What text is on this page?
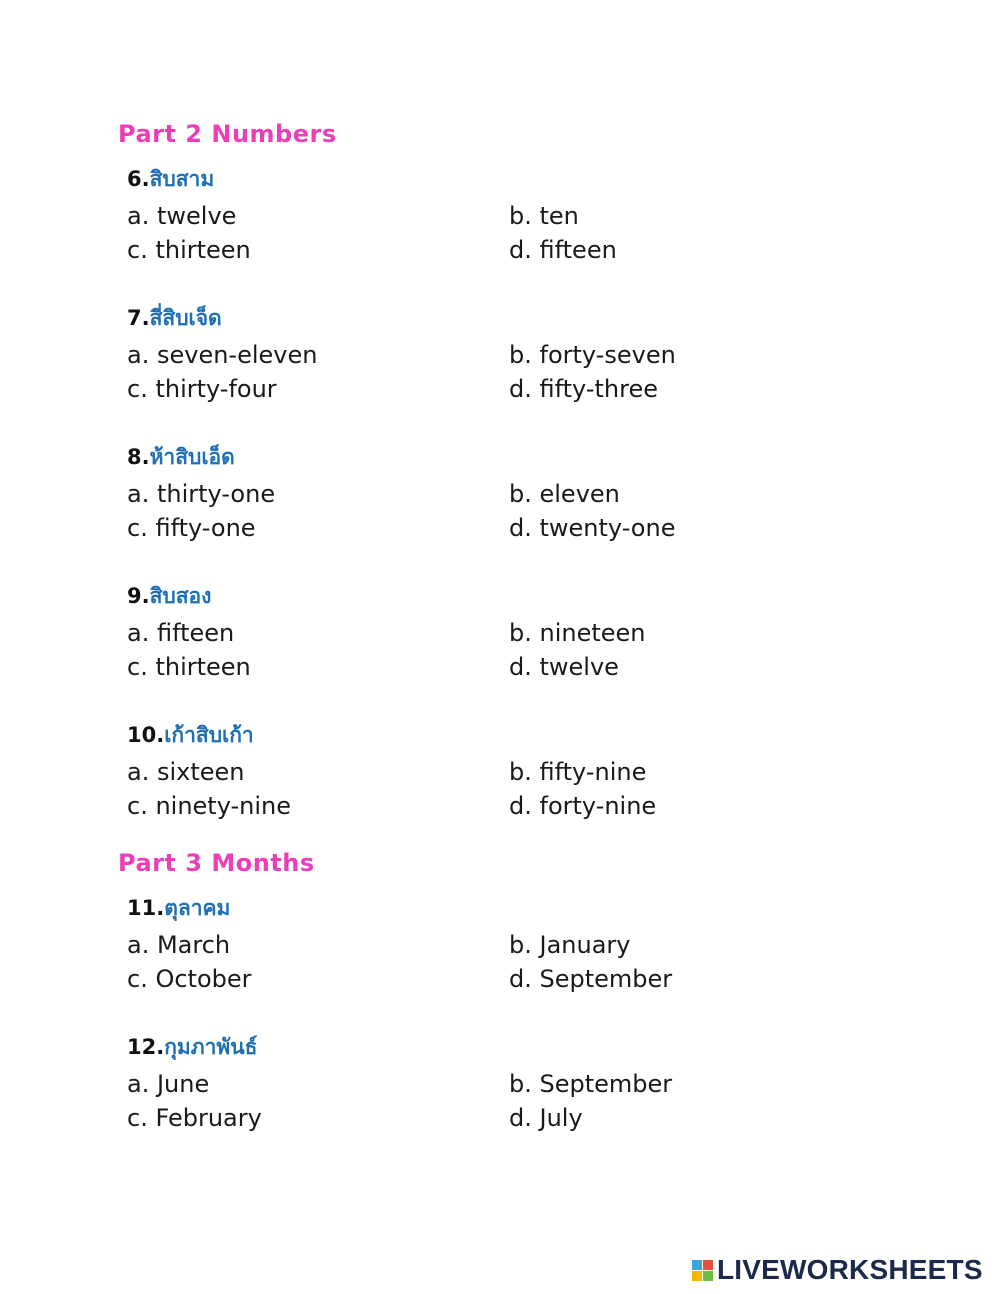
Part 2 Numbers
6.สิบสาม
a. twelve	b. ten
c. thirteen	d. fifteen
7.สี่สิบเจ็ด
a. seven-eleven	b. forty-seven
c. thirty-four	d. fifty-three
8.ห้าสิบเอ็ด
a. thirty-one	b. eleven
c. fifty-one	d. twenty-one
9.สิบสอง
a. fifteen	b. nineteen
c. thirteen	d. twelve
10.เก้าสิบเก้า
a. sixteen	b. fifty-nine
c. ninety-nine	d. forty-nine
Part 3 Months
11.ตุลาคม
a. March	b. January
c. October	d. September
12.กุมภาพันธ์
a. June	b. September
c. February	d. July
LIVEWORKSHEETS
